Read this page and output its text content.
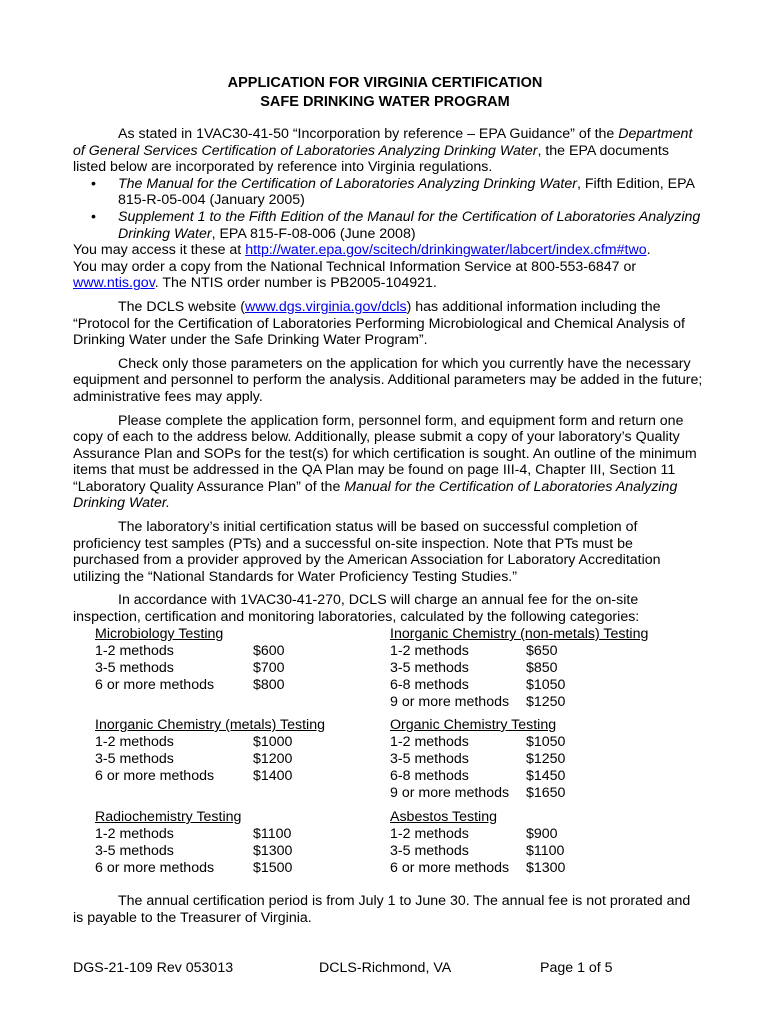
APPLICATION FOR VIRGINIA CERTIFICATION
SAFE DRINKING WATER PROGRAM

As stated in 1VAC30-41-50 “Incorporation by reference – EPA Guidance” of the Department of General Services Certification of Laboratories Analyzing Drinking Water, the EPA documents listed below are incorporated by reference into Virginia regulations.

• The Manual for the Certification of Laboratories Analyzing Drinking Water, Fifth Edition, EPA 815-R-05-004 (January 2005)
• Supplement 1 to the Fifth Edition of the Manaul for the Certification of Laboratories Analyzing Drinking Water, EPA 815-F-08-006 (June 2008)

You may access it these at http://water.epa.gov/scitech/drinkingwater/labcert/index.cfm#two.

You may order a copy from the National Technical Information Service at 800-553-6847 or www.ntis.gov. The NTIS order number is PB2005-104921.

The DCLS website (www.dgs.virginia.gov/dcls) has additional information including the “Protocol for the Certification of Laboratories Performing Microbiological and Chemical Analysis of Drinking Water under the Safe Drinking Water Program”.

Check only those parameters on the application for which you currently have the necessary equipment and personnel to perform the analysis. Additional parameters may be added in the future; administrative fees may apply.

Please complete the application form, personnel form, and equipment form and return one copy of each to the address below. Additionally, please submit a copy of your laboratory’s Quality Assurance Plan and SOPs for the test(s) for which certification is sought. An outline of the minimum items that must be addressed in the QA Plan may be found on page III-4, Chapter III, Section 11 “Laboratory Quality Assurance Plan” of the Manual for the Certification of Laboratories Analyzing Drinking Water.

The laboratory’s initial certification status will be based on successful completion of proficiency test samples (PTs) and a successful on-site inspection. Note that PTs must be purchased from a provider approved by the American Association for Laboratory Accreditation utilizing the “National Standards for Water Proficiency Testing Studies.”

In accordance with 1VAC30-41-270, DCLS will charge an annual fee for the on-site inspection, certification and monitoring laboratories, calculated by the following categories:

Microbiology Testing
1-2 methods	$600
3-5 methods	$700
6 or more methods	$800
Inorganic Chemistry (non-metals) Testing
1-2 methods	$650
3-5 methods	$850
6-8 methods	$1050
9 or more methods $1250
Inorganic Chemistry (metals) Testing
1-2 methods	$1000
3-5 methods	$1200
6 or more methods	$1400
Organic Chemistry Testing
1-2 methods	$1050
3-5 methods	$1250
6-8 methods	$1450
9 or more methods $1650
Radiochemistry Testing
1-2 methods	$1100
3-5 methods	$1300
6 or more methods	$1500
Asbestos Testing
1-2 methods	$900
3-5 methods	$1100
6 or more methods $1300

The annual certification period is from July 1 to June 30. The annual fee is not prorated and is payable to the Treasurer of Virginia.

DGS-21-109 Rev 053013	DCLS-Richmond, VA	Page 1 of 5
